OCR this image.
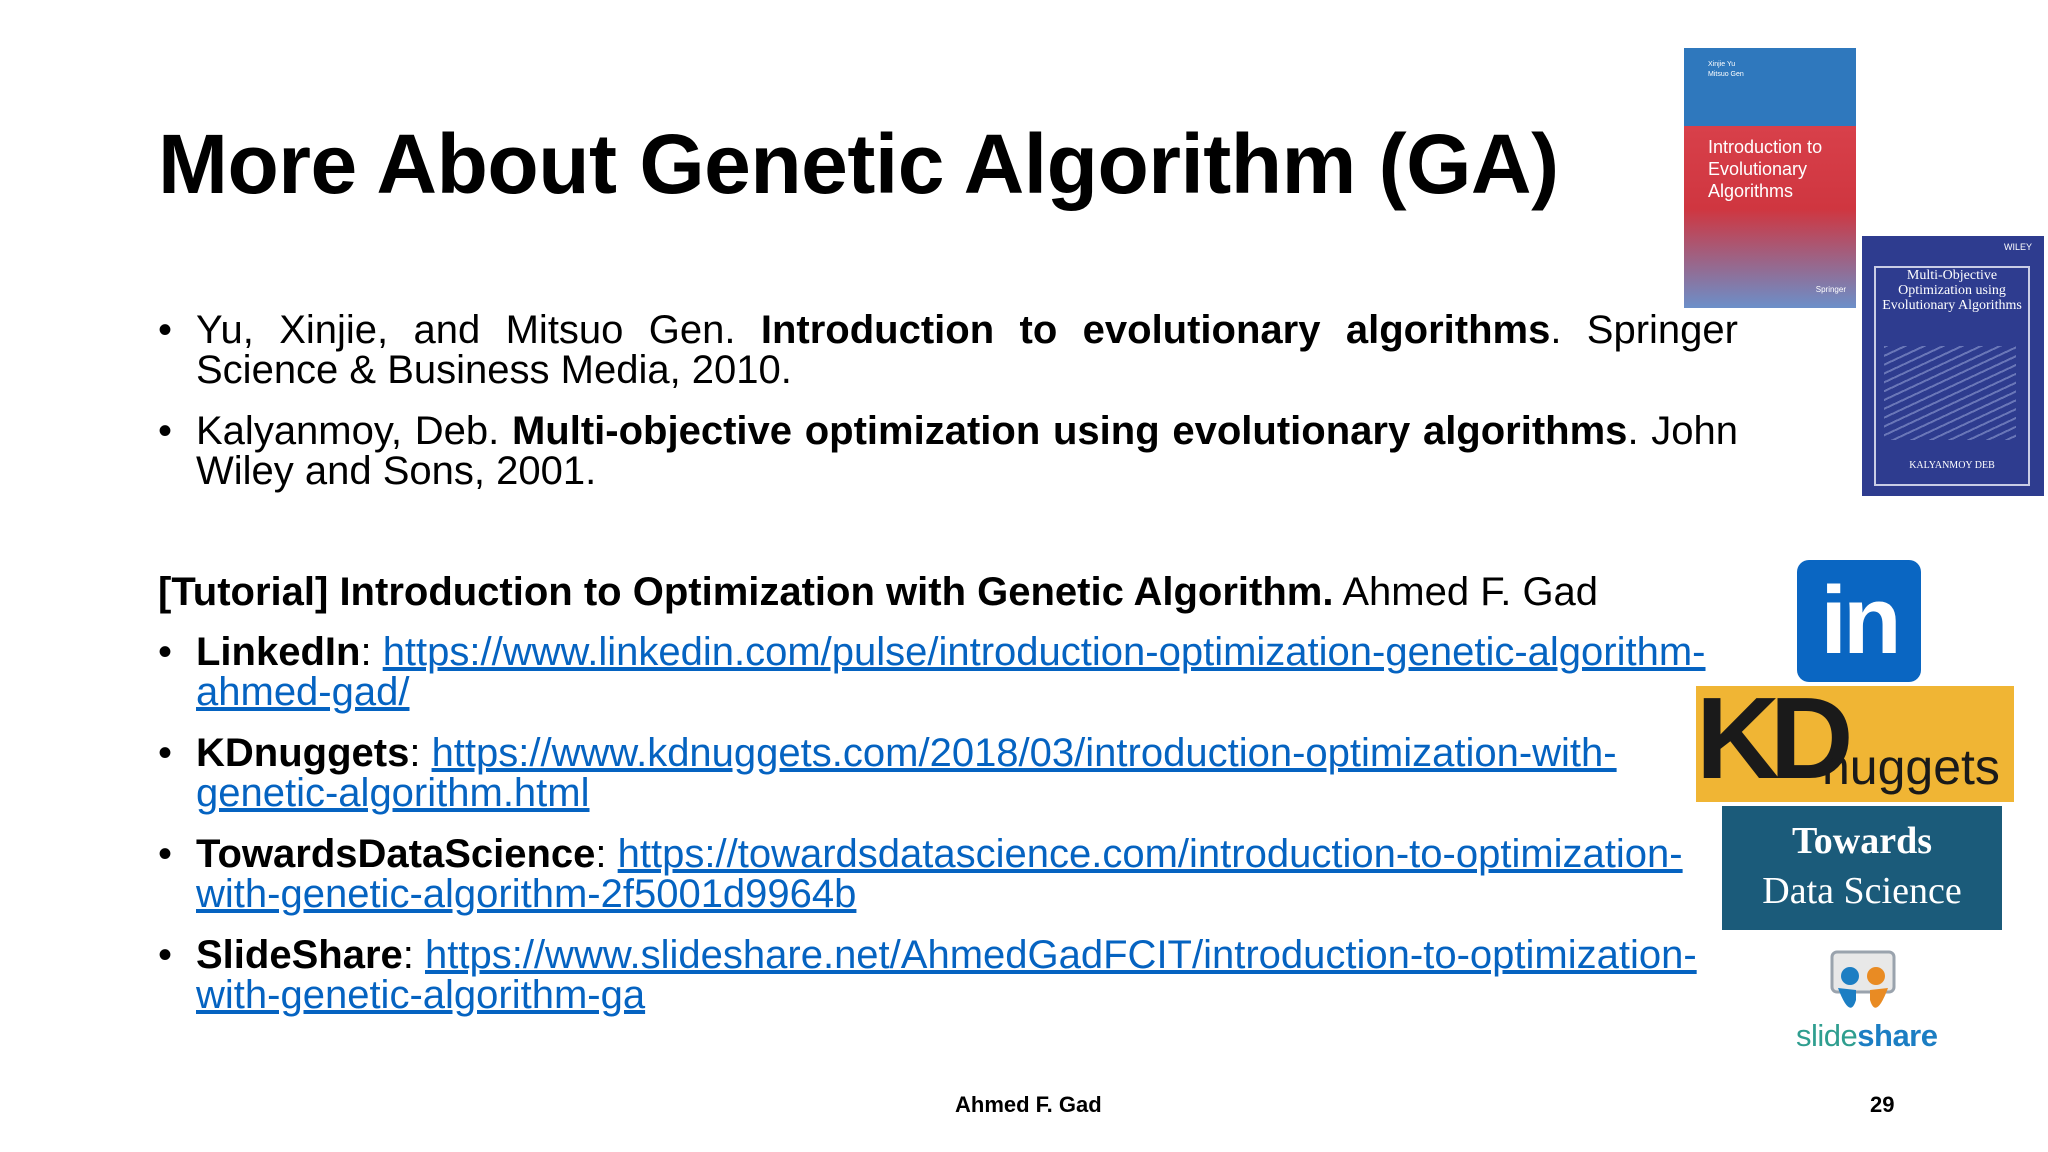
More About Genetic Algorithm (GA)
• Yu, Xinjie, and Mitsuo Gen. Introduction to evolutionary algorithms. Springer Science & Business Media, 2010.
• Kalyanmoy, Deb. Multi-objective optimization using evolutionary algorithms. John Wiley and Sons, 2001.
[Tutorial] Introduction to Optimization with Genetic Algorithm. Ahmed F. Gad
• LinkedIn: https://www.linkedin.com/pulse/introduction-optimization-genetic-algorithm-ahmed-gad/
• KDnuggets: https://www.kdnuggets.com/2018/03/introduction-optimization-with-genetic-algorithm.html
• TowardsDataScience: https://towardsdatascience.com/introduction-to-optimization-with-genetic-algorithm-2f5001d9964b
• SlideShare: https://www.slideshare.net/AhmedGadFCIT/introduction-to-optimization-with-genetic-algorithm-ga
Xinjie Yu
Mitsuo Gen
Introduction to Evolutionary Algorithms
Springer
WILEY
Multi-Objective Optimization using Evolutionary Algorithms
KALYANMOY DEB
in
KD
nuggets
Towards
Data Science
slideshare
Ahmed F. Gad	29
